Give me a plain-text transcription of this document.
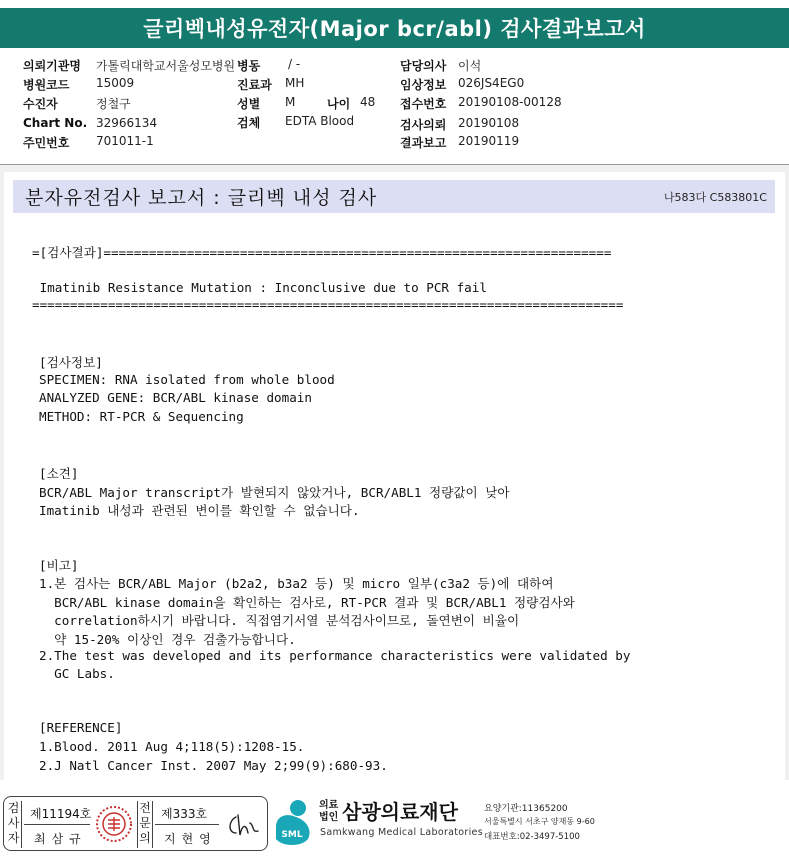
글리벡내성유전자(Major bcr/abl) 검사결과보고서
의뢰기관명 가톨릭대학교서울성모병원 병동 / -	담당의사 이석
병원코드 15009	진료과 MH	임상정보 026JS4EG0
수진자	정철구	성별 M	나이 48 접수번호 20190108-00128
Chart No. 32966134	검체 EDTA Blood	검사의뢰 20190108
주민번호 701011-1	결과보고 20190119
분자유전검사 보고서 : 글리벡 내성 검사	나583다 C583801C
=[검사결과]===================================================================
Imatinib Resistance Mutation : Inconclusive due to PCR fail
==============================================================================
[검사정보]
SPECIMEN: RNA isolated from whole blood
ANALYZED GENE: BCR/ABL kinase domain
METHOD: RT-PCR & Sequencing
[소견]
BCR/ABL Major transcript가 발현되지 않았거나, BCR/ABL1 정량값이 낮아
Imatinib 내성과 관련된 변이를 확인할 수 없습니다.
[비고]
1.본 검사는 BCR/ABL Major (b2a2, b3a2 등) 및 micro 일부(c3a2 등)에 대하여
BCR/ABL kinase domain을 확인하는 검사로, RT-PCR 결과 및 BCR/ABL1 정량검사와
correlation하시기 바랍니다. 직접염기서열 분석검사이므로, 돌연변이 비율이
약 15-20% 이상인 경우 검출가능합니다.
2.The test was developed and its performance characteristics were validated by
GC Labs.
[REFERENCE]
1.Blood. 2011 Aug 4;118(5):1208-15.
2.J Natl Cancer Inst. 2007 May 2;99(9):680-93.
검사자
제11194호
최삼규
전문의
제333호
지현영	SML
의료
법인 삼광의료재단
Samkwang Medical Laboratories
요양기관:11365200
서울특별시 서초구 양재동 9-60
대표번호:02-3497-5100
